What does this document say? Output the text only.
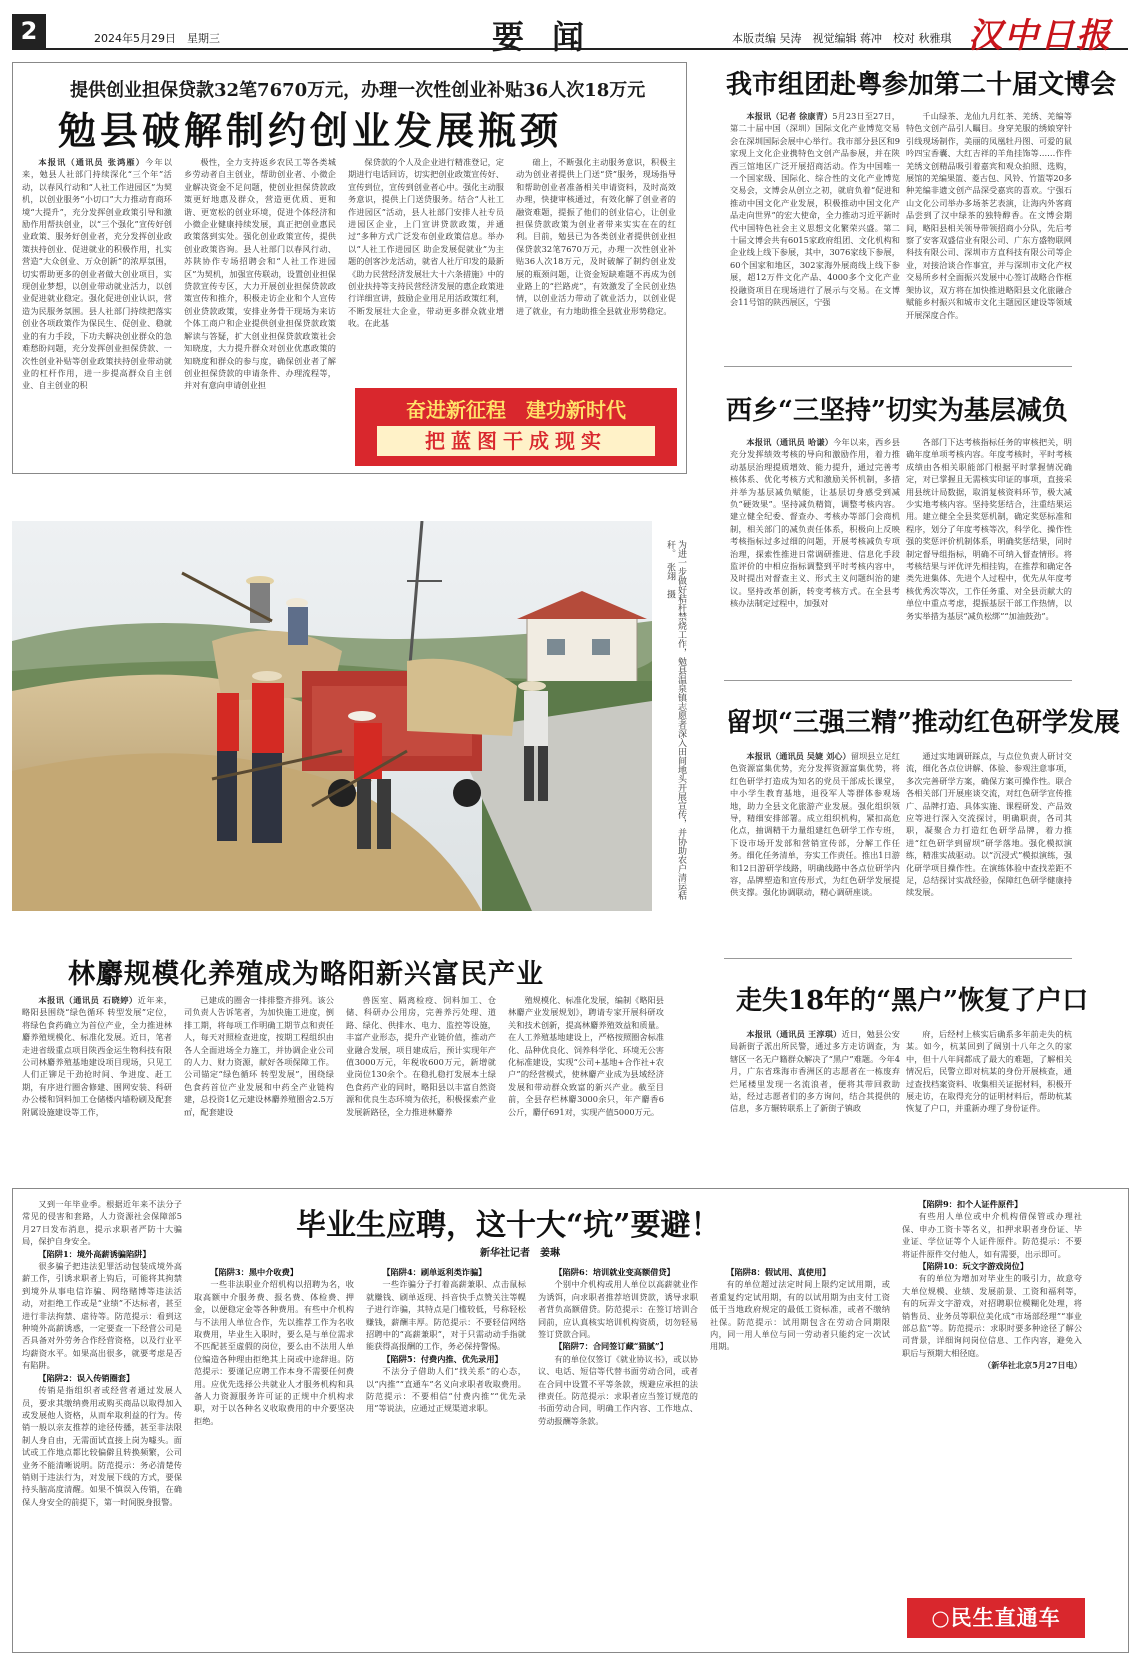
2	2024年5月29日　星期三	要闻	本版责编 吴涛　视觉编辑 蒋冲　校对 秋雅琪 汉中日报
提供创业担保贷款32笔7670万元，办理一次性创业补贴36人次18万元
勉县破解制约创业发展瓶颈

本报讯（通讯员 张鸿雁）今年以来，勉县人社部门持续深化“三个年”活动，以春风行动和“人社工作进园区”为契机，以创业服务“小切口”大力推动育商环境“大提升”，充分发挥创业政策引导和激励作用帮扶创业，以“三个强化”宣传好创业政策、服务好创业者，充分发挥创业政策扶持创业、促进就业的积极作用，扎实营造“大众创业、万众创新”的浓厚氛围，切实帮助更多的创业者做大创业项目，实现创业梦想，以创业带动就业活力，以创业促进就业稳定。强化促进创业认识，营造为民服务氛围。县人社部门持续把落实创业各项政策作为保民生、促创业、稳就业的有力手段，下功夫解决创业群众的急难愁盼问题，充分发挥创业担保贷款、一次性创业补贴等创业政策扶持创业带动就业的杠杆作用，进一步提高群众自主创业、自主创业的积

极性，全力支持返乡农民工等各类城乡劳动者自主创业，帮助创业者、小微企业解决资金不足问题，使创业担保贷款政策更好地惠及群众，营造更优质、更和谐、更宽松的创业环境，促进个体经济和小微企业健康持续发展，真正把创业惠民政策落到实处。强化创业政策宣传，提供创业政策咨询。县人社部门以春风行动、苏陕协作专场招聘会和“人社工作进园区”为契机，加强宣传联动，设置创业担保贷款宣传专区，大力开展创业担保贷款政策宣传和推介，积极走访企业和个人宣传创业贷款政策，安排业务骨干现场为来访个体工商户和企业提供创业担保贷款政策解读与答疑，扩大创业担保贷款政策社会知晓度，大力提升群众对创业优惠政策的知晓度和群众的参与度，确保创业者了解创业担保贷款的申请条件、办理流程等，并对有意向申请创业担

保贷款的个人及企业进行精准登记，定期进行电话回访，切实把创业政策宣传好、宣传到位，宣传到创业者心中。强化主动服务意识，提供上门送贷服务。结合“人社工作进园区”活动，县人社部门安排人社专员进园区企业，上门宣讲贷款政策，并通过“多种方式广泛发布创业政策信息。举办以“人社工作进园区 助企发展促就业”为主题的创客沙龙活动，就省人社厅印发的最新《助力民营经济发展壮大十六条措施》中的创业扶持等支持民营经济发展的惠企政策进行详细宣讲，鼓励企业用足用活政策红利，不断发展壮大企业，带动更多群众就业增收。在此基

础上，不断强化主动服务意识，积极主动为创业者提供上门送“贷”服务，现场指导和帮助创业者准备相关申请资料，及时高效办理，快捷审核通过，有效化解了创业者的融资难题，提振了他们的创业信心，让创业担保贷款政策为创业者带来实实在在的红利。目前，勉县已为各类创业者提供创业担保贷款32笔7670万元，办理一次性创业补贴36人次18万元，及时破解了制约创业发展的瓶颈问题，让资金短缺难题不再成为创业路上的“拦路虎”，有效激发了全民创业热情，以创业活力带动了就业活力，以创业促进了就业，有力地助推全县就业形势稳定。

奋进新征程　建功新时代
把蓝图干成现实
为进一步做好秸秆禁烧工作，勉县温泉镇志愿者深入田间地头开展宣传，并协助农户清运秸秆。　张翊　摄
我市组团赴粤参加第二十届文博会

本报讯（记者 徐康青）5月23日至27日，第二十届中国（深圳）国际文化产业博览交易会在深圳国际会展中心举行。我市部分县区和9家现上文化企业携特色文创产品参展，并在陕西三馆地区广泛开展招商活动。作为中国唯一一个国家级、国际化、综合性的文化产业博览交易会，文博会从创立之初，就肩负着“促进和推动中国文化产业发展，积极推动中国文化产品走向世界”的宏大使命，全力推动习近平新时代中国特色社会主义思想文化繁荣兴盛。第二十届文博会共有6015家政府组团、文化机构和企业线上线下参展，其中，3076家线下参展，60个国家和地区，302家海外展商线上线下参展，超12万件文化产品、4000多个文化产业投融资项目在现场进行了展示与交易。在文博会11号馆的陕西展区，宁强

千山绿茶、龙仙九月红茶、羌绣、羌编等特色文创产品引人瞩目。身穿羌服的绣娘穿针引线现场制作，美丽的凤凰牡丹图、可爱的鼠吟四宝香囊、大红吉祥的羊角挂饰等……作件羌绣文创精品吸引着嘉宾和观众拍照、选购，展馆的羌编果篮、菱古包、风铃、竹篮等20多种羌编非遗文创产品深受嘉宾的喜欢。宁强石山文化公司举办多场茶艺表演，让海内外客商品尝到了汉中绿茶的独特醇香。在文博会期间，略阳县相关领导带领招商小分队，先后考察了安客双盛信业有限公司、广东方盛物联网科技有限公司、深圳市方直科技有限公司等企业，对接洽谈合作事宜，并与深圳市文化产权交易所乡村全面振兴发展中心签订战略合作框架协议，双方将在加快推进略阳县文化旅融合赋能乡村振兴和城市文化主题园区建设等领域开展深度合作。

西乡“三坚持”切实为基层减负

本报讯（通讯员 哈谦）今年以来，西乡县充分发挥绩效考核的导向和激励作用，着力推动基层治理提质增效、能力提升，通过完善考核体系、优化考核方式和激励关怀机制，多措并举为基层减负赋能，让基层切身感受到减负“硬效果”。坚持减负精简，调整考核内容。建立健全纪委、督查办、考核办等部门会商机制，相关部门的减负责任体系，积极向上反映考核指标过多过细的问题，开展考核减负专项治理，探索性推进日常调研推进、信息化手段监评价的中相应指标调整到平时考核内容中，及时提出对督查主义、形式主义问题纠治的建议。坚持改革创新，转变考核方式。在全县考核办法制定过程中，加强对

各部门下达考核指标任务的审核把关，明确年度单项考核内容。年度考核时，平时考核成绩由各相关职能部门根据平时掌握情况确定，对已掌握且无需核实印证的事项，直接采用县统计局数据，取消复核资料环节，极大减少实地考核内容。坚持奖惩结合，注重结果运用。建立健全全县奖惩机制，确定奖惩标准和程序，划分了年度考核等次，科学化、操作性强的奖惩评价机制体系，明确奖惩结果，同时制定督导组指标，明确不可纳入督查情形。将考核结果与评优评先相挂钩，在推荐和确定各类先进集体、先进个人过程中，优先从年度考核优秀次等次，工作任务重、对全县贡献大的单位中重点考虑，提振基层干部工作热情，以务实举措为基层“减负松绑”“加油鼓劲”。

留坝“三强三精”推动红色研学发展

本报讯（通讯员 吴婕 刘心）留坝县立足红色资源富集优势，充分发挥资源富集优势，将红色研学打造成为知名的党员干部成长课堂，中小学生教育基地，退役军人等群体参观场地，助力全县文化旅游产业发展。强化组织领导，精细安排部署。成立组织机构，紧扣高危化点，抽调精干力量组建红色研学工作专班，下设市场开发部和营销宣传部，分解工作任务。细化任务清单，夯实工作责任。推出1日游和12日游研学线路，明确线路中各点位研学内容，品牌塑造和宣传形式，为红色研学发展提供支撑。强化协调联动，精心调研座谈。

通过实地调研踩点，与点位负责人研讨交流，细化各点位讲解、体验、参观注意事项，多次完善研学方案，确保方案可操作性。联合各相关部门开展座谈交流，对红色研学宣传推广、品牌打造、具体实施、课程研发、产品效应等进行深入交流探讨，明确职责，各司其职，凝聚合力打造红色研学品牌，着力推进“红色研学到留坝”研学落地。强化模拟演练，精准实战驱动。以“沉浸式”模拟演练，强化研学项目操作性。在演练体验中查找差距不足，总结探讨实战经验，保障红色研学健康持续发展。

走失18年的“黑户”恢复了户口

本报讯（通讯员 王淳琪）近日，勉县公安局新街子派出所民警，通过多方走访调查，为辖区一名无户籍群众解决了“黑户”难题。今年4月，广东省珠海市香洲区的志愿者在一栋废弃烂尾楼里发现一名流浪者，便将其带回救助站，经过志愿者们的多方询问，结合其提供的信息，多方辗转联系上了新街子镇政

府，后经村上核实后确系多年前走失的杭某。如今，杭某回到了阔别十八年之久的家中，但十八年间都成了最大的难题，了解相关情况后，民警立即对杭某的身份开展核查，通过查找档案资料、收集相关证据材料，积极开展走访，在取得充分的证明材料后，帮助杭某恢复了户口，并重新办理了身份证件。

林麝规模化养殖成为略阳新兴富民产业

本报讯（通讯员 石晓婷）近年来，略阳县围绕“绿色循环 转型发展”定位，将绿色食药确立为首位产业，全力推进林麝养殖规模化、标准化发展。近日，笔者走进省级重点项目陕西金运生物科技有限公司林麝养殖基地建设项目现场，只见工人们正铆足干劲抢时间、争进度、赶工期，有序进行圈舍修建、围网安装、科研办公楼和饲料加工仓储楼内墙粉刷及配套附属设施建设等工作，

已建成的圈舍一排排整齐排列。该公司负责人告诉笔者，为加快施工进度，倒排工期，将每项工作明确工期节点和责任人，每天对照检查进度，按期工程组织由各人全面进场全力施工，并协调企业公司的人力、财力资源，献好各项保障工作。公司锚定“绿色循环 转型发展”，围绕绿色食药首位产业发展和中药全产业链构建，总投资1亿元建设林麝养殖圈舍2.5万㎡，配套建设

兽医室、隔离检疫、饲料加工、仓储、科研办公用房，完善养污处理、道路、绿化、供排水、电力、监控等设施，丰富产业形态，提升产业链价值，推动产业融合发展，项目建成后，预计实现年产值3000万元，年税收600万元，新增就业岗位130余个。在稳扎稳打发展本土绿色食药产业的同时，略阳县以丰富自然资源和优良生态环境为依托，积极探索产业发展新路径，全力推进林麝养

殖规模化、标准化发展，编制《略阳县林麝产业发展规划》，聘请专家开展科研攻关和技术创新，提高林麝养殖效益和质量。在人工养殖基地建设上，严格按照圈舍标准化、品种优良化、饲养科学化、环境无公害化标准建设，实现“公司+基地+合作社+农户”的经营模式，使林麝产业成为县域经济发展和带动群众致富的新兴产业。截至目前，全县存栏林麝3000余只，年产麝香6公斤，麝仔691对，实现产值5000万元。

毕业生应聘，这十大“坑”要避！
新华社记者　姜琳

又到一年毕业季。根据近年来不法分子常见的侵害和套路，人力资源社会保障部5月27日发布消息，提示求职者严防十大骗局，保护自身安全。

【陷阱1：境外高薪诱骗陷阱】

很多骗子把违法犯罪活动包装成境外高薪工作，引诱求职者上钩后，可能将其拘禁到境外从事电信诈骗、网络赌博等违法活动，对拒绝工作或是“业绩”不达标者，甚至进行非法拘禁、虐待等。防范提示：看到这种境外高薪诱惑，一定要查一下经营公司是否具备对外劳务合作经营资格，以及行业平均薪资水平。如果高出很多，就要考虑是否有陷阱。

【陷阱2：误入传销圈套】

传销是指组织者或经营者通过发展人员，要求其缴纳费用或购买商品以取得加入或发展他人资格，从而牟取利益的行为。传销一般以亲友推荐的途径传播，甚至非法限制人身自由，无需面试直接上岗为噱头。面试或工作地点都比较偏僻且转换频繁，公司业务不能清晰说明。防范提示：务必清楚传销则于违法行为，对发展下线的方式，要保持头脑高度清醒。如果不慎误入传销，在确保人身安全的前提下，第一时间脱身报警。

【陷阱3：黑中介收费】

一些非法职业介绍机构以招聘为名，收取高额中介服务费、报名费、体检费、押金，以便稳定金等各种费用。有些中介机构与不法用人单位合作，先以推荐工作为名收取费用，毕业生入职时，要么是与单位需求不匹配甚至虚假的岗位，要么由不法用人单位编造各种理由拒绝其上岗或中途辞退。防范提示：要谨记应聘工作本身不需要任何费用。应优先选择公共就业人才服务机构和具备人力资源服务许可证的正规中介机构求职，对于以各种名义收取费用的中介要坚决拒绝。

【陷阱4：刷单返利类诈骗】

一些诈骗分子打着高薪兼职、点击鼠标就赚钱、刷单返现、抖音快手点赞关注等幌子进行诈骗，其特点是门槛较低，号称轻松赚钱，薪酬丰厚。防范提示：不要轻信网络招聘中的“高薪兼职”，对于只需动动手指就能获得高报酬的工作，务必保持警惕。

【陷阱5：付费内推、优先录用】

不法分子借助人们“找关系”的心态，以“内推”“直通车”名义向求职者收取费用。防范提示：不要相信“付费内推”“优先录用”等说法，应通过正规渠道求职。

【陷阱6：培训就业变高额借贷】

个别中介机构或用人单位以高薪就业作为诱饵，向求职者推荐培训贷款，诱导求职者背负高额借贷。防范提示：在签订培训合同前，应认真核实培训机构资质，切勿轻易签订贷款合同。

【陷阱7：合同签订藏“猫腻”】

有的单位仅签订《就业协议书》，或以协议、电话、短信等代替书面劳动合同，或者在合同中设置不平等条款，规避应承担的法律责任。防范提示：求职者应当签订规范的书面劳动合同，明确工作内容、工作地点、劳动报酬等条款。

【陷阱8：假试用、真使用】

有的单位超过法定时间上限约定试用期，或者重复约定试用期，有的以试用期为由支付工资低于当地政府规定的最低工资标准，或者不缴纳社保。防范提示：试用期包含在劳动合同期限内，同一用人单位与同一劳动者只能约定一次试用期。

【陷阱9：扣个人证件原件】

有些用人单位或中介机构借保管或办理社保、申办工资卡等名义，扣押求职者身份证、毕业证、学位证等个人证件原件。防范提示：不要将证件原件交付他人，如有需要，出示即可。

【陷阱10：玩文字游戏岗位】

有的单位为增加对毕业生的吸引力，故意夸大单位规模、业绩、发展前景、工资和福利等，有的玩弄文字游戏，对招聘职位模糊化处理，将销售员、业务员等职位美化成“市场部经理”“事业部总监”等。防范提示：求职时要多种途径了解公司背景，详细询问岗位信息、工作内容，避免入职后与预期大相径庭。

（新华社北京5月27日电）

○民生直通车
